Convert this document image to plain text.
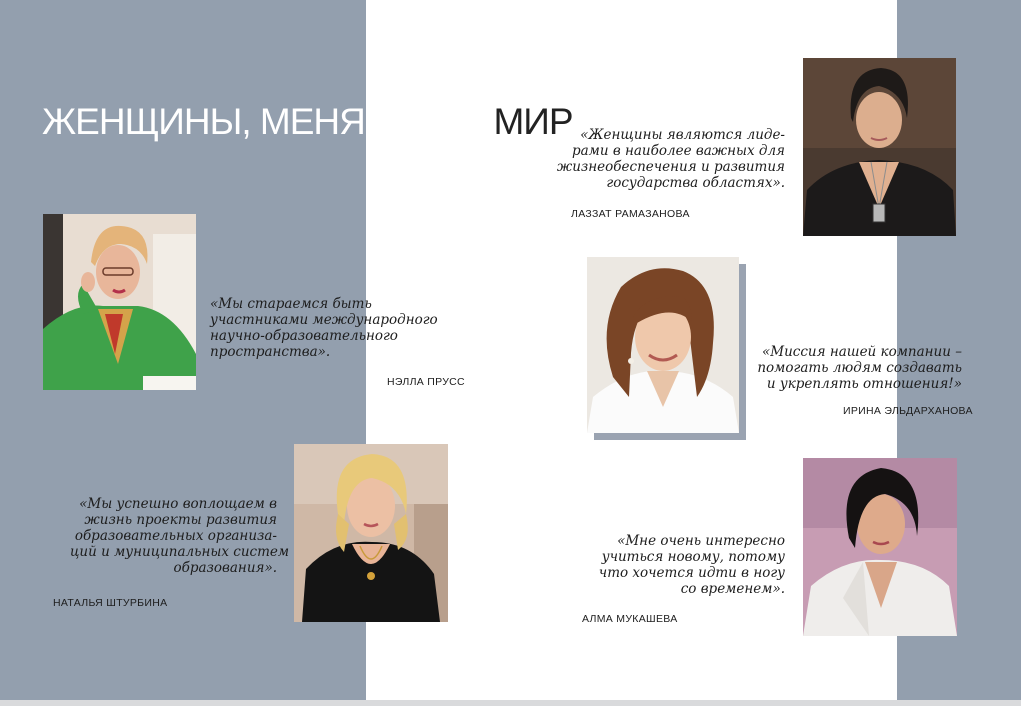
ЖЕНЩИНЫ, МЕНЯЮЩИЕ МИР
«Мы стараемся быть
участниками международного
научно-образовательного
пространства».
НЭЛЛА ПРУСС
«Мы успешно воплощаем в
жизнь проекты развития
образовательных организа-
ций и муниципальных систем
образования».
НАТАЛЬЯ ШТУРБИНА
«Женщины являются лиде-
рами в наиболее важных для
жизнеобеспечения и развития
государства областях».
ЛАЗЗАТ РАМАЗАНОВА
«Миссия нашей компании –
помогать людям создавать
и укреплять отношения!»
ИРИНА ЭЛЬДАРХАНОВА
«Мне очень интересно
учиться новому, потому
что хочется идти в ногу
со временем».
АЛМА МУКАШЕВА
